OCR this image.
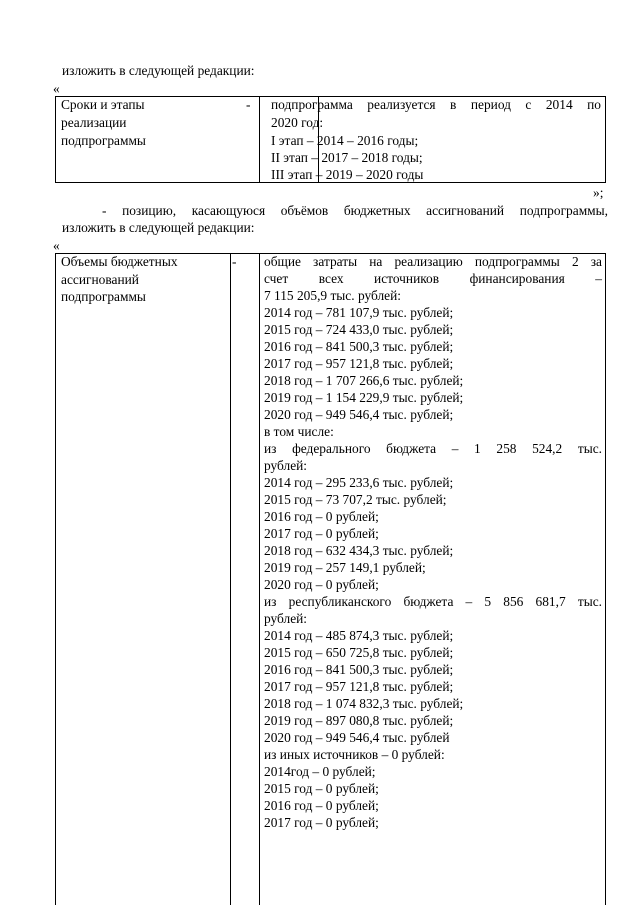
изложить в следующей редакции:
«
Сроки и этапы
реализации
подпрограммы
- подпрограмма реализуется в период с 2014 по
2020 год:
I этап – 2014 – 2016 годы;
II этап – 2017 – 2018 годы;
III этап – 2019 – 2020 годы
»;
- позицию, касающуюся объёмов бюджетных ассигнований подпрограммы,
изложить в следующей редакции:
«
Объемы бюджетных
ассигнований
подпрограммы
- общие затраты на реализацию подпрограммы 2 за
счет всех источников финансирования –
7 115 205,9 тыс. рублей:
2014 год – 781 107,9 тыс. рублей;
2015 год – 724 433,0 тыс. рублей;
2016 год – 841 500,3 тыс. рублей;
2017 год – 957 121,8 тыс. рублей;
2018 год – 1 707 266,6 тыс. рублей;
2019 год – 1 154 229,9 тыс. рублей;
2020 год – 949 546,4 тыс. рублей;
в том числе:
из федерального бюджета – 1 258 524,2 тыс.
рублей:
2014 год – 295 233,6 тыс. рублей;
2015 год – 73 707,2 тыс. рублей;
2016 год – 0 рублей;
2017 год – 0 рублей;
2018 год – 632 434,3 тыс. рублей;
2019 год – 257 149,1 рублей;
2020 год – 0 рублей;
из республиканского бюджета – 5 856 681,7 тыс.
рублей:
2014 год – 485 874,3 тыс. рублей;
2015 год – 650 725,8 тыс. рублей;
2016 год – 841 500,3 тыс. рублей;
2017 год – 957 121,8 тыс. рублей;
2018 год – 1 074 832,3 тыс. рублей;
2019 год – 897 080,8 тыс. рублей;
2020 год – 949 546,4 тыс. рублей
из иных источников – 0 рублей:
2014год – 0 рублей;
2015 год – 0 рублей;
2016 год – 0 рублей;
2017 год – 0 рублей;
